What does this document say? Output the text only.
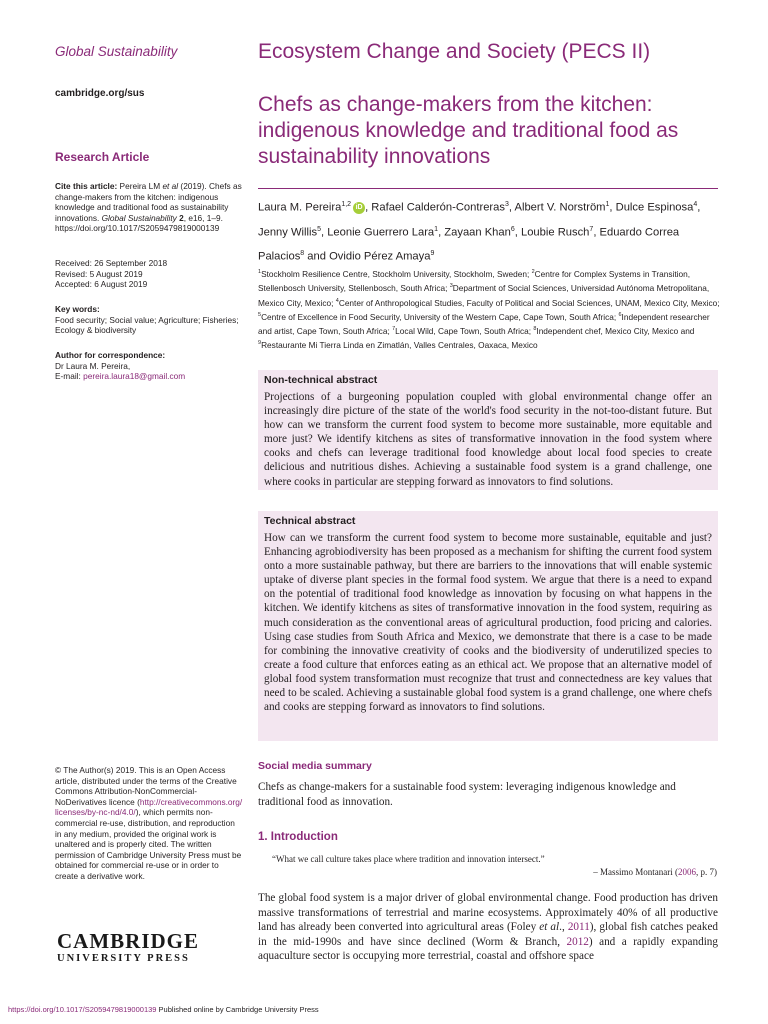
Global Sustainability
cambridge.org/sus
Research Article
Cite this article: Pereira LM et al (2019). Chefs as change-makers from the kitchen: indigenous knowledge and traditional food as sustainability innovations. Global Sustainability 2, e16, 1–9. https://doi.org/10.1017/S2059479819000139
Received: 26 September 2018
Revised: 5 August 2019
Accepted: 6 August 2019
Key words:
Food security; Social value; Agriculture; Fisheries; Ecology & biodiversity
Author for correspondence:
Dr Laura M. Pereira,
E-mail: pereira.laura18@gmail.com
© The Author(s) 2019. This is an Open Access article, distributed under the terms of the Creative Commons Attribution-NonCommercial-NoDerivatives licence (http://creativecommons.org/licenses/by-nc-nd/4.0/), which permits non-commercial re-use, distribution, and reproduction in any medium, provided the original work is unaltered and is properly cited. The written permission of Cambridge University Press must be obtained for commercial re-use or in order to create a derivative work.
CAMBRIDGE
UNIVERSITY PRESS
Ecosystem Change and Society (PECS II)
Chefs as change-makers from the kitchen: indigenous knowledge and traditional food as sustainability innovations
Laura M. Pereira$^{1,2}$ iD , Rafael Calderón-Contreras$^3$, Albert V. Norström$^1$, Dulce Espinosa$^4$, Jenny Willis$^5$, Leonie Guerrero Lara$^1$, Zayaan Khan$^6$, Loubie Rusch$^7$, Eduardo Correa Palacios$^8$ and Ovidio Pérez Amaya$^9$
$^1$Stockholm Resilience Centre, Stockholm University, Stockholm, Sweden; $^2$Centre for Complex Systems in Transition, Stellenbosch University, Stellenbosch, South Africa; $^3$Department of Social Sciences, Universidad Autónoma Metropolitana, Mexico City, Mexico; $^4$Center of Anthropological Studies, Faculty of Political and Social Sciences, UNAM, Mexico City, Mexico; $^5$Centre of Excellence in Food Security, University of the Western Cape, Cape Town, South Africa; $^6$Independent researcher and artist, Cape Town, South Africa; $^7$Local Wild, Cape Town, South Africa; $^8$Independent chef, Mexico City, Mexico and $^9$Restaurante Mi Tierra Linda en Zimatlán, Valles Centrales, Oaxaca, Mexico
Non-technical abstract
Projections of a burgeoning population coupled with global environmental change offer an increasingly dire picture of the state of the world's food security in the not-too-distant future. But how can we transform the current food system to become more sustainable, more equitable and more just? We identify kitchens as sites of transformative innovation in the food system where cooks and chefs can leverage traditional food knowledge about local food species to create delicious and nutritious dishes. Achieving a sustainable food system is a grand challenge, one where cooks in particular are stepping forward as innovators to find solutions.
Technical abstract
How can we transform the current food system to become more sustainable, equitable and just? Enhancing agrobiodiversity has been proposed as a mechanism for shifting the current food system onto a more sustainable pathway, but there are barriers to the innovations that will enable systemic uptake of diverse plant species in the formal food system. We argue that there is a need to expand on the potential of traditional food knowledge as innovation by focusing on what happens in the kitchen. We identify kitchens as sites of transformative innovation in the food system, requiring as much consideration as the conventional areas of agricultural production, food pricing and calories. Using case studies from South Africa and Mexico, we demonstrate that there is a case to be made for combining the innovative creativity of cooks and the biodiversity of underutilized species to create a food culture that enforces eating as an ethical act. We propose that an alternative model of global food system transformation must recognize that trust and connectedness are key values that need to be scaled. Achieving a sustainable global food system is a grand challenge, one where chefs and cooks are stepping forward as innovators to find solutions.
Social media summary
Chefs as change-makers for a sustainable food system: leveraging indigenous knowledge and traditional food as innovation.
1. Introduction
“What we call culture takes place where tradition and innovation intersect.”
– Massimo Montanari (2006, p. 7)
The global food system is a major driver of global environmental change. Food production has driven massive transformations of terrestrial and marine ecosystems. Approximately 40% of all productive land has already been converted into agricultural areas (Foley et al., 2011), global fish catches peaked in the mid-1990s and have since declined (Worm & Branch, 2012) and a rapidly expanding aquaculture sector is occupying more terrestrial, coastal and offshore space
https://doi.org/10.1017/S2059479819000139 Published online by Cambridge University Press
